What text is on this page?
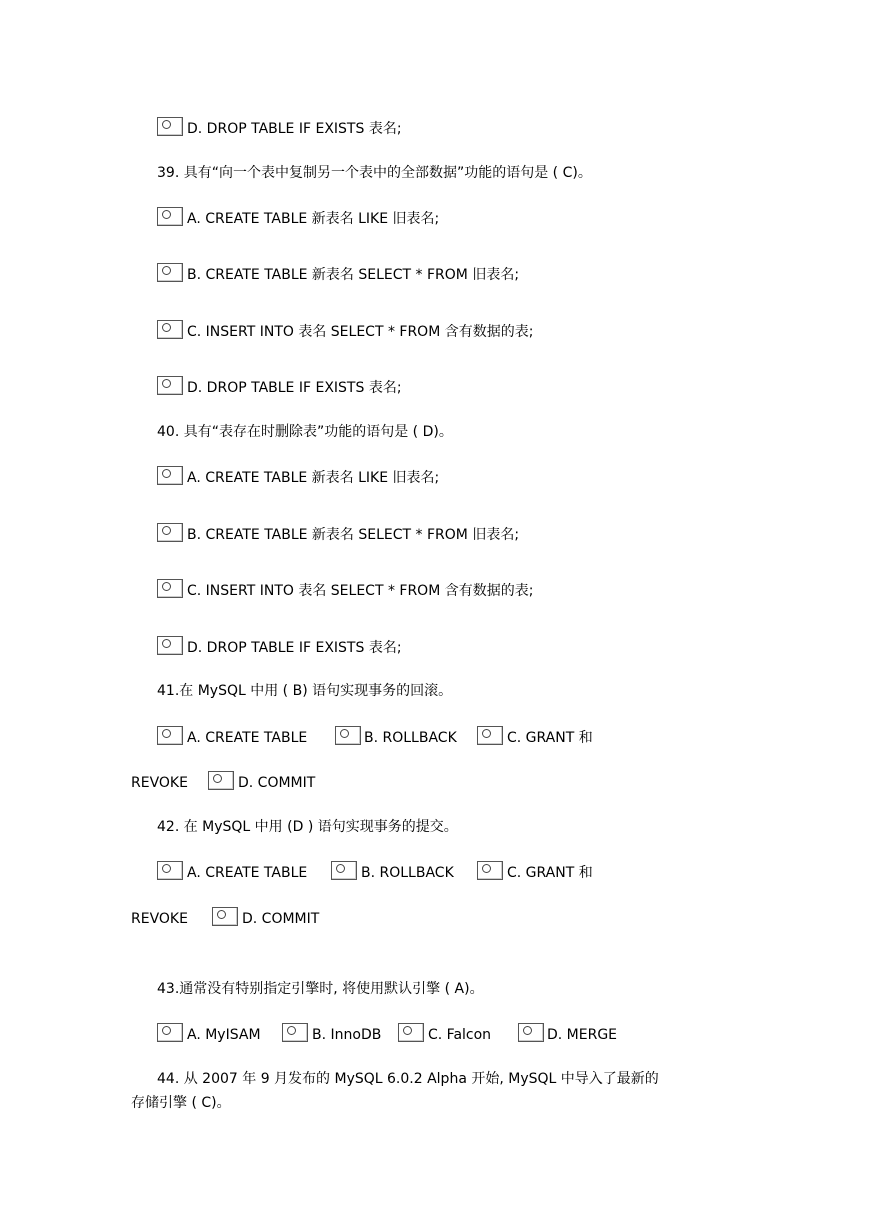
D. DROP TABLE IF EXISTS 表名;
39. 具有“向一个表中复制另一个表中的全部数据”功能的语句是 ( C)。
A. CREATE TABLE 新表名 LIKE 旧表名;
B. CREATE TABLE 新表名 SELECT * FROM 旧表名;
C. INSERT INTO 表名 SELECT * FROM 含有数据的表;
D. DROP TABLE IF EXISTS 表名;
40. 具有“表存在时删除表”功能的语句是 ( D)。
A. CREATE TABLE 新表名 LIKE 旧表名;
B. CREATE TABLE 新表名 SELECT * FROM 旧表名;
C. INSERT INTO 表名 SELECT * FROM 含有数据的表;
D. DROP TABLE IF EXISTS 表名;
41.在 MySQL 中用 ( B) 语句实现事务的回滚。
A. CREATE TABLE	B. ROLLBACK	C. GRANT 和
REVOKE	D. COMMIT
42. 在 MySQL 中用 (D ) 语句实现事务的提交。
A. CREATE TABLE	B. ROLLBACK	C. GRANT 和
REVOKE	D. COMMIT
43.通常没有特别指定引擎时, 将使用默认引擎 ( A)。
A. MyISAM	B. InnoDB	C. Falcon	D. MERGE
44. 从 2007 年 9 月发布的 MySQL 6.0.2 Alpha 开始, MySQL 中导入了最新的
存储引擎 ( C)。
